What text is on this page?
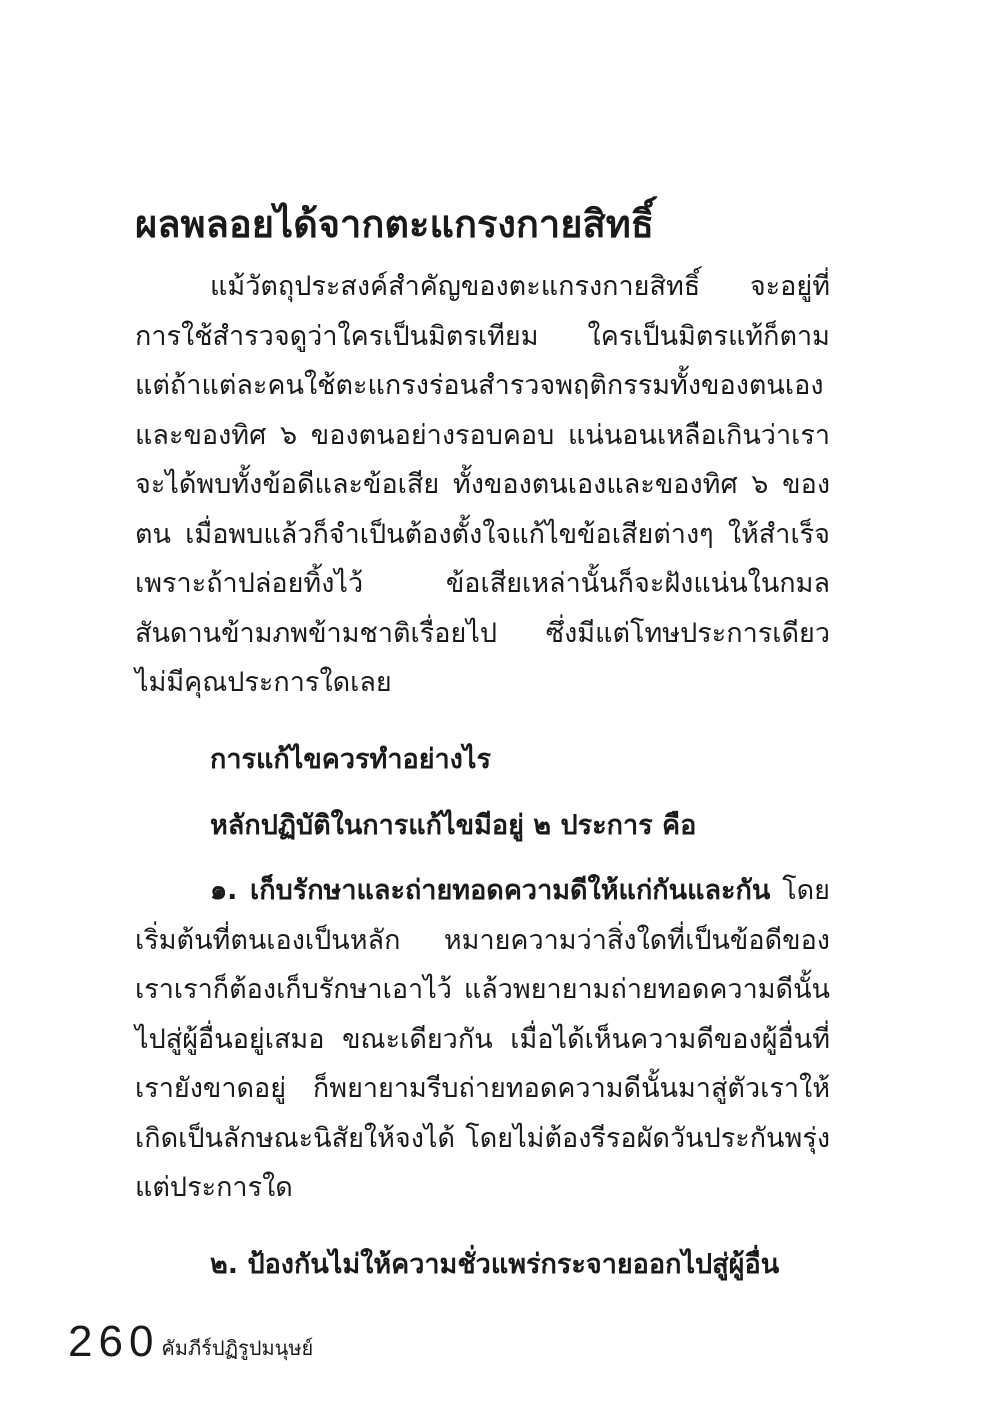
ผลพลอยได้จากตะแกรงกายสิทธิ์

แม้วัตถุประสงค์สำคัญของตะแกรงกายสิทธิ์ จะอยู่ที่การใช้สำรวจดูว่าใครเป็นมิตรเทียม ใครเป็นมิตรแท้ก็ตาม แต่ถ้าแต่ละคนใช้ตะแกรงร่อนสำรวจพฤติกรรมทั้งของตนเองและของทิศ ๖ ของตนอย่างรอบคอบ แน่นอนเหลือเกินว่าเราจะได้พบทั้งข้อดีและข้อเสีย ทั้งของตนเองและของทิศ ๖ ของตน เมื่อพบแล้วก็จำเป็นต้องตั้งใจแก้ไขข้อเสียต่างๆ ให้สำเร็จ เพราะถ้าปล่อยทิ้งไว้ ข้อเสียเหล่านั้นก็จะฝังแน่นในกมลสันดานข้ามภพข้ามชาติเรื่อยไป ซึ่งมีแต่โทษประการเดียว ไม่มีคุณประการใดเลย

การแก้ไขควรทำอย่างไร

หลักปฏิบัติในการแก้ไขมีอยู่ ๒ ประการ คือ

๑. เก็บรักษาและถ่ายทอดความดีให้แก่กันและกัน โดยเริ่มต้นที่ตนเองเป็นหลัก หมายความว่าสิ่งใดที่เป็นข้อดีของเราเราก็ต้องเก็บรักษาเอาไว้ แล้วพยายามถ่ายทอดความดีนั้นไปสู่ผู้อื่นอยู่เสมอ ขณะเดียวกัน เมื่อได้เห็นความดีของผู้อื่นที่เรายังขาดอยู่ ก็พยายามรีบถ่ายทอดความดีนั้นมาสู่ตัวเราให้เกิดเป็นลักษณะนิสัยให้จงได้ โดยไม่ต้องรีรอผัดวันประกันพรุ่งแต่ประการใด

๒. ป้องกันไม่ให้ความชั่วแพร่กระจายออกไปสู่ผู้อื่น

260 คัมภีร์ปฏิรูปมนุษย์
